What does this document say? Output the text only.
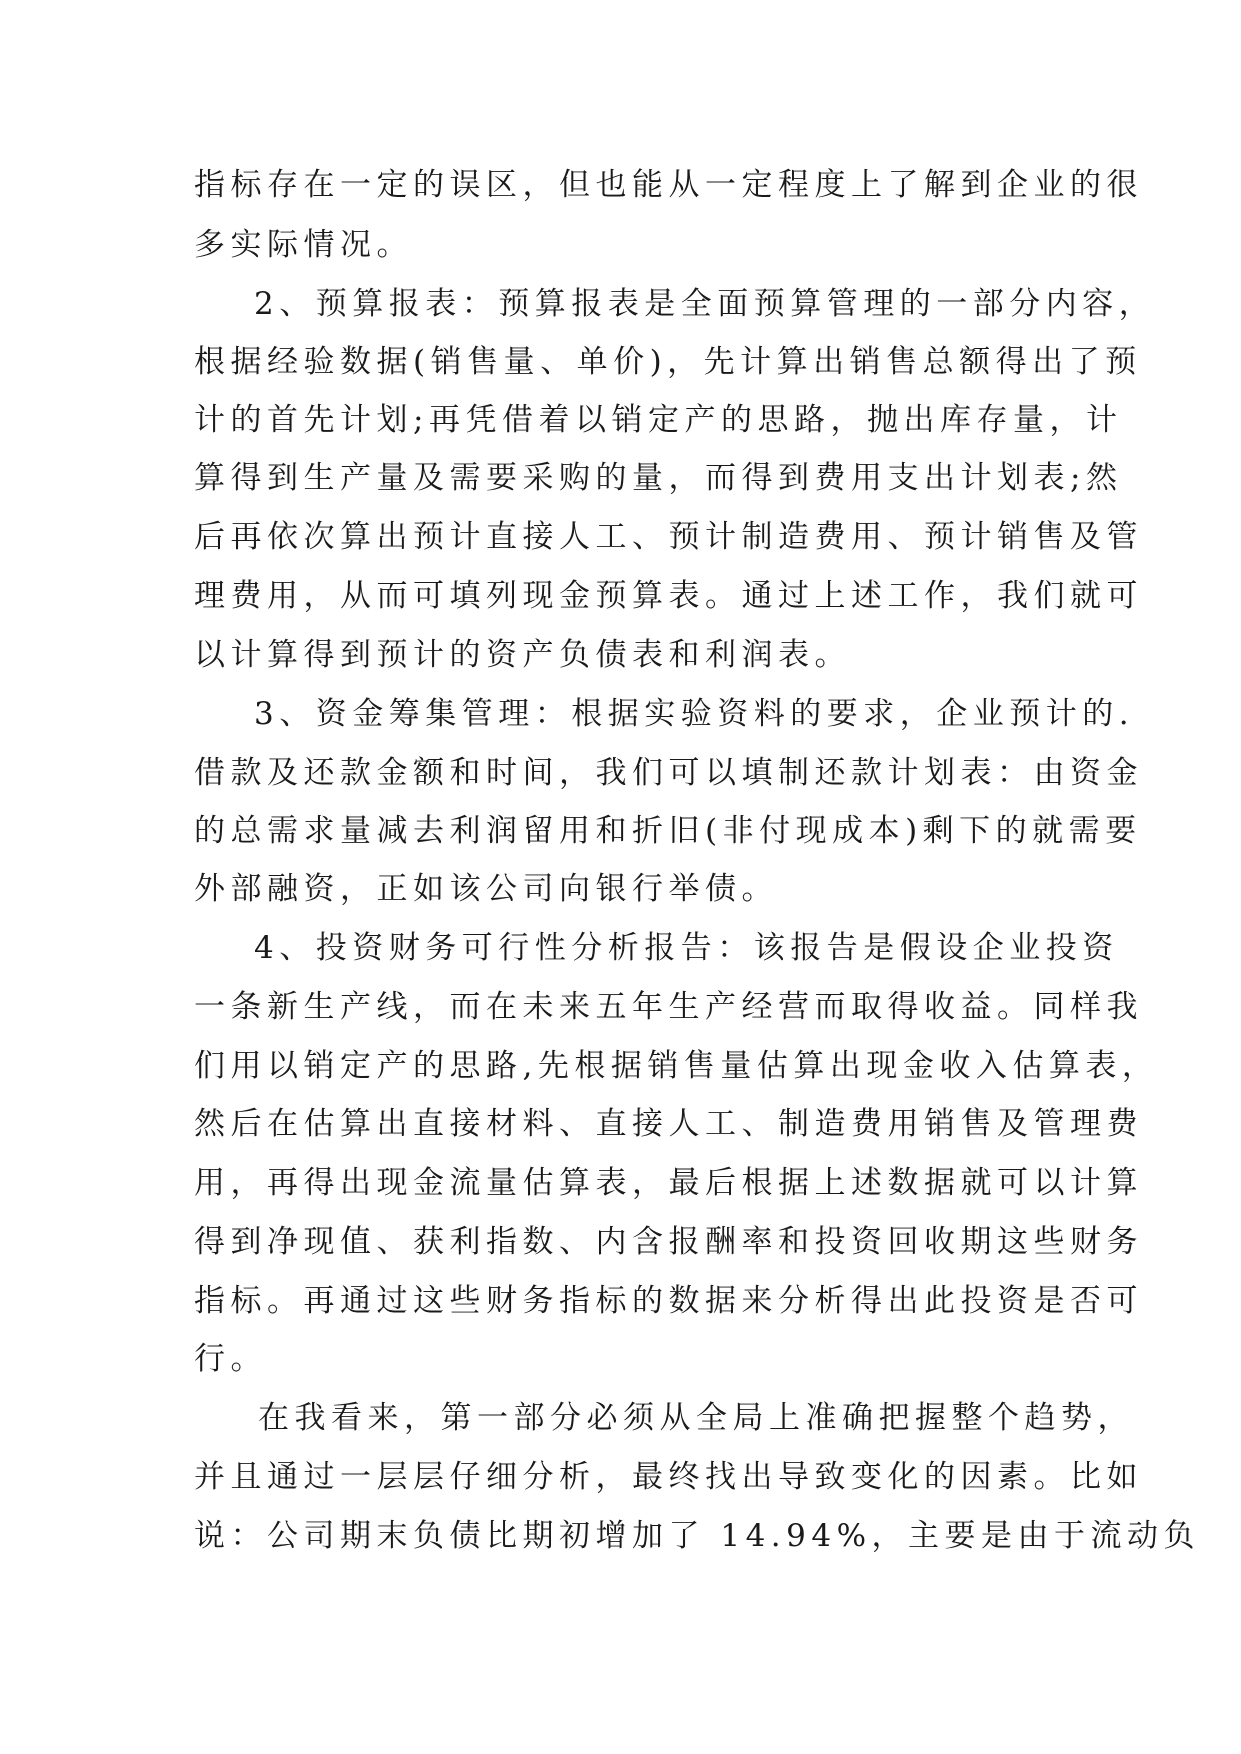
指标存在一定的误区，但也能从一定程度上了解到企业的很
多实际情况。
2、预算报表：预算报表是全面预算管理的一部分内容，
根据经验数据(销售量、单价)，先计算出销售总额得出了预
计的首先计划;再凭借着以销定产的思路，抛出库存量，计
算得到生产量及需要采购的量，而得到费用支出计划表;然
后再依次算出预计直接人工、预计制造费用、预计销售及管
理费用，从而可填列现金预算表。通过上述工作，我们就可
以计算得到预计的资产负债表和利润表。
3、资金筹集管理：根据实验资料的要求，企业预计的.
借款及还款金额和时间，我们可以填制还款计划表：由资金
的总需求量减去利润留用和折旧(非付现成本)剩下的就需要
外部融资，正如该公司向银行举债。
4、投资财务可行性分析报告：该报告是假设企业投资
一条新生产线，而在未来五年生产经营而取得收益。同样我
们用以销定产的思路,先根据销售量估算出现金收入估算表，
然后在估算出直接材料、直接人工、制造费用销售及管理费
用，再得出现金流量估算表，最后根据上述数据就可以计算
得到净现值、获利指数、内含报酬率和投资回收期这些财务
指标。再通过这些财务指标的数据来分析得出此投资是否可
行。
在我看来，第一部分必须从全局上准确把握整个趋势，
并且通过一层层仔细分析，最终找出导致变化的因素。比如
说：公司期末负债比期初增加了 14.94%，主要是由于流动负
